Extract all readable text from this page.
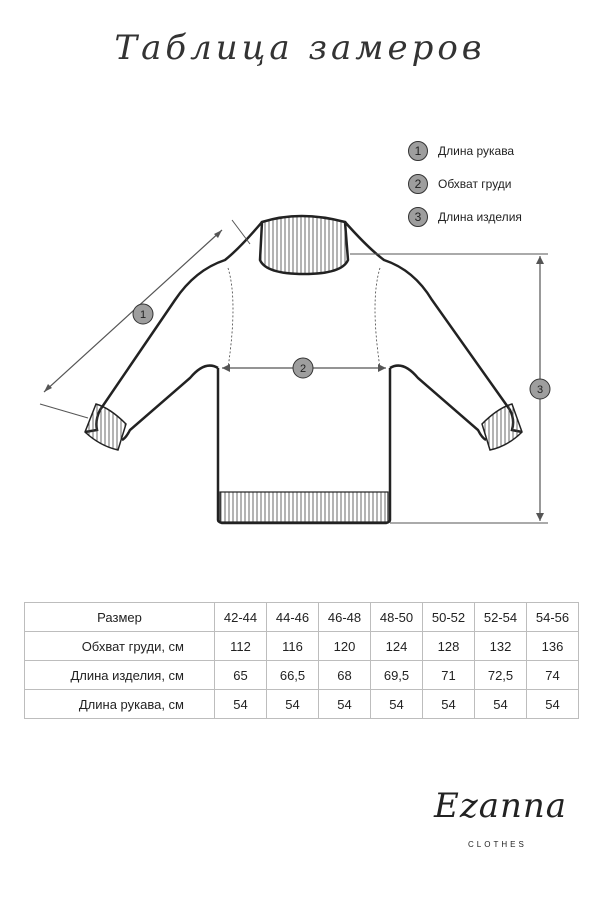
Таблица замеров
1
2
3
1	Длина рукава
2	Обхват груди
3	Длина изделия
Размер	42-44	44-46	46-48	48-50	50-52	52-54	54-56
Обхват груди, см	112	116	120	124	128	132	136
Длина изделия, см	65	66,5	68	69,5	71	72,5	74
Длина рукава, см	54	54	54	54	54	54	54
Ezanna
CLOTHES
